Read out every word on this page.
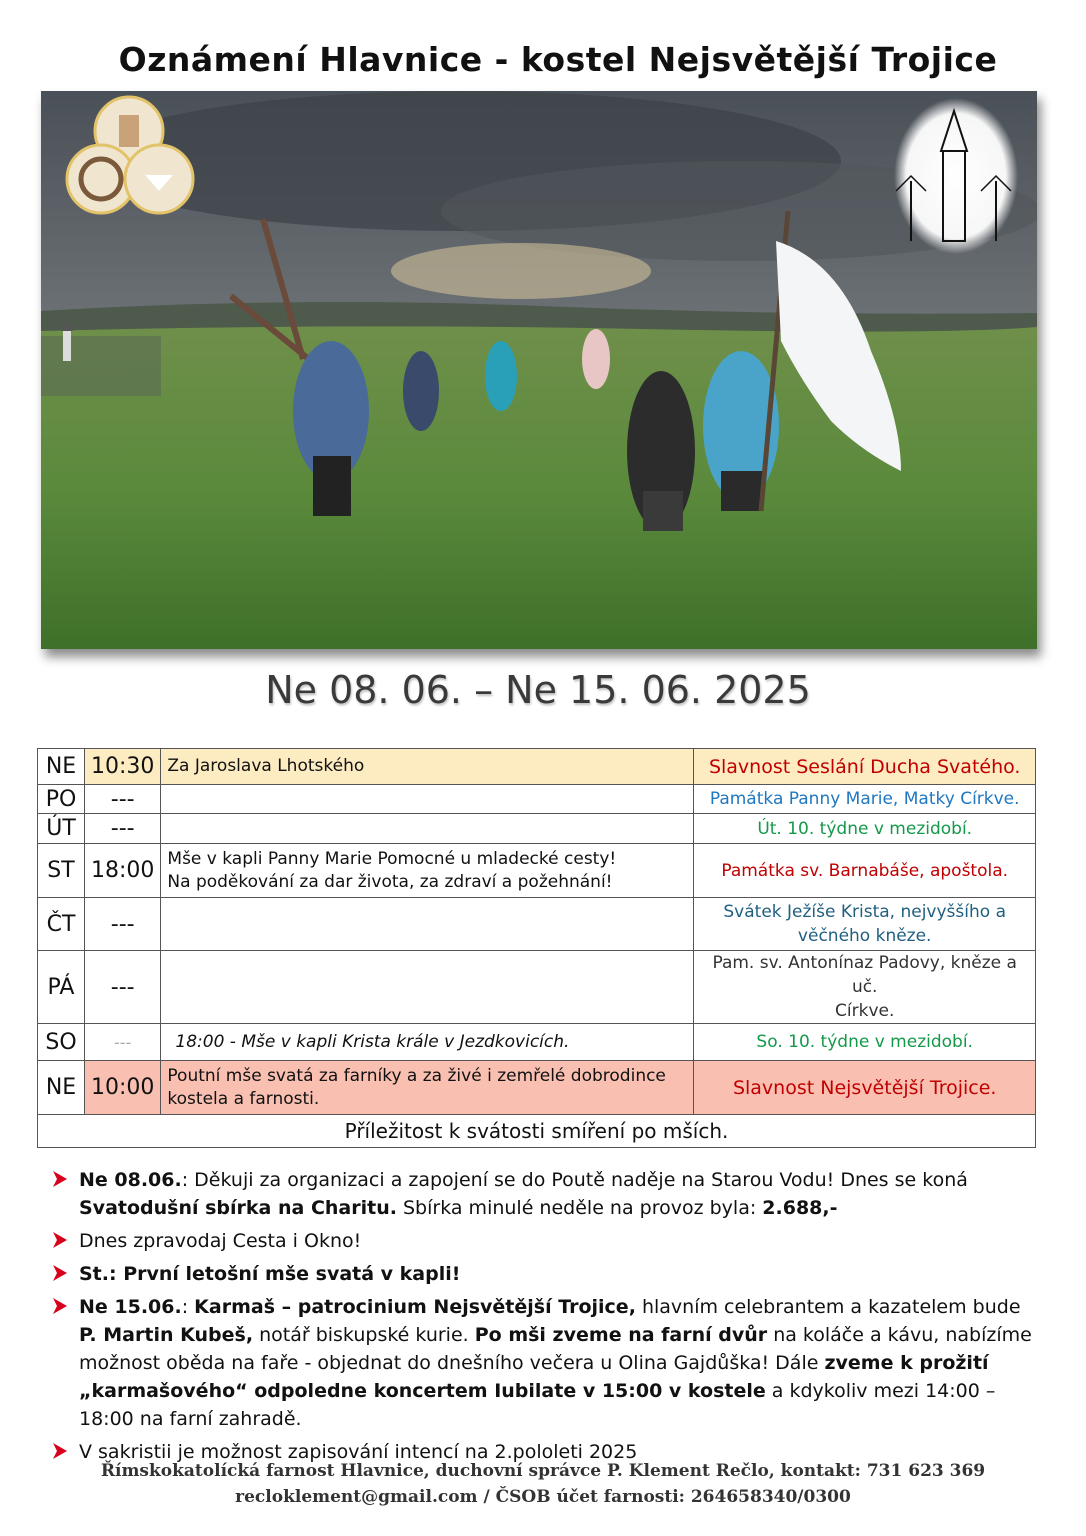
Oznámení Hlavnice - kostel Nejsvětější Trojice
Ne 08. 06. – Ne 15. 06. 2025
NE	10:30	Za Jaroslava Lhotského	Slavnost Seslání Ducha Svatého.
PO	---		Památka Panny Marie, Matky Církve.
ÚT	---		Út. 10. týdne v mezidobí.
ST	18:00	Mše v kapli Panny Marie Pomocné u mladecké cesty!
Na poděkování za dar života, za zdraví a požehnání!	Památka sv. Barnabáše, apoštola.
ČT	---		Svátek Ježíše Krista, nejvyššího a
věčného kněze.

PÁ	---		Pam. sv. Antonínaz Padovy, kněze a uč.
Církve.

SO	---	18:00 - Mše v kapli Krista krále v Jezdkovicích.	So. 10. týdne v mezidobí.
NE	10:00	Poutní mše svatá za farníky a za živé i zemřelé dobrodince
kostela a farnosti.	Slavnost Nejsvětější Trojice.
Příležitost k svátosti smíření po mších.			
Ne 08.06.: Děkuji za organizaci a zapojení se do Poutě naděje na Starou Vodu! Dnes se koná Svatodušní sbírka na Charitu. Sbírka minulé neděle na provoz byla: 2.688,-
Dnes zpravodaj Cesta i Okno!
St.: První letošní mše svatá v kapli!
Ne 15.06.: Karmaš – patrocinium Nejsvětější Trojice, hlavním celebrantem a kazatelem bude P. Martin Kubeš, notář biskupské kurie. Po mši zveme na farní dvůr na koláče a kávu, nabízíme možnost oběda na faře - objednat do dnešního večera u Olina Gajdůška! Dále zveme k prožití „karmašového“ odpoledne koncertem Iubilate v 15:00 v kostele a kdykoliv mezi 14:00 – 18:00 na farní zahradě.
V sakristii je možnost zapisování intencí na 2.pololeti 2025
Římskokatolícká farnost Hlavnice, duchovní správce P. Klement Rečlo, kontakt: 731 623 369
recloklement@gmail.com / ČSOB účet farnosti: 264658340/0300
